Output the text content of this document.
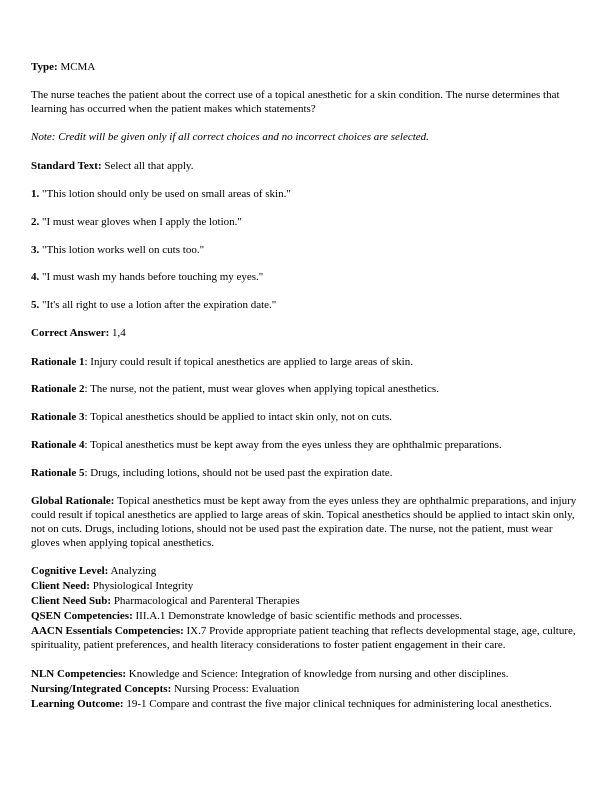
Type: MCMA

The nurse teaches the patient about the correct use of a topical anesthetic for a skin condition. The nurse determines that learning has occurred when the patient makes which statements?

Note: Credit will be given only if all correct choices and no incorrect choices are selected.

Standard Text: Select all that apply.

1. "This lotion should only be used on small areas of skin."

2. "I must wear gloves when I apply the lotion."

3. "This lotion works well on cuts too."

4. "I must wash my hands before touching my eyes."

5. "It's all right to use a lotion after the expiration date."

Correct Answer: 1,4

Rationale 1: Injury could result if topical anesthetics are applied to large areas of skin.

Rationale 2: The nurse, not the patient, must wear gloves when applying topical anesthetics.

Rationale 3: Topical anesthetics should be applied to intact skin only, not on cuts.

Rationale 4: Topical anesthetics must be kept away from the eyes unless they are ophthalmic preparations.

Rationale 5: Drugs, including lotions, should not be used past the expiration date.

Global Rationale: Topical anesthetics must be kept away from the eyes unless they are ophthalmic preparations, and injury could result if topical anesthetics are applied to large areas of skin. Topical anesthetics should be applied to intact skin only, not on cuts. Drugs, including lotions, should not be used past the expiration date. The nurse, not the patient, must wear gloves when applying topical anesthetics.

Cognitive Level: Analyzing

Client Need: Physiological Integrity

Client Need Sub: Pharmacological and Parenteral Therapies

QSEN Competencies: III.A.1 Demonstrate knowledge of basic scientific methods and processes.

AACN Essentials Competencies: IX.7 Provide appropriate patient teaching that reflects developmental stage, age, culture, spirituality, patient preferences, and health literacy considerations to foster patient engagement in their care.

NLN Competencies: Knowledge and Science: Integration of knowledge from nursing and other disciplines.

Nursing/Integrated Concepts: Nursing Process: Evaluation

Learning Outcome: 19-1 Compare and contrast the five major clinical techniques for administering local anesthetics.
